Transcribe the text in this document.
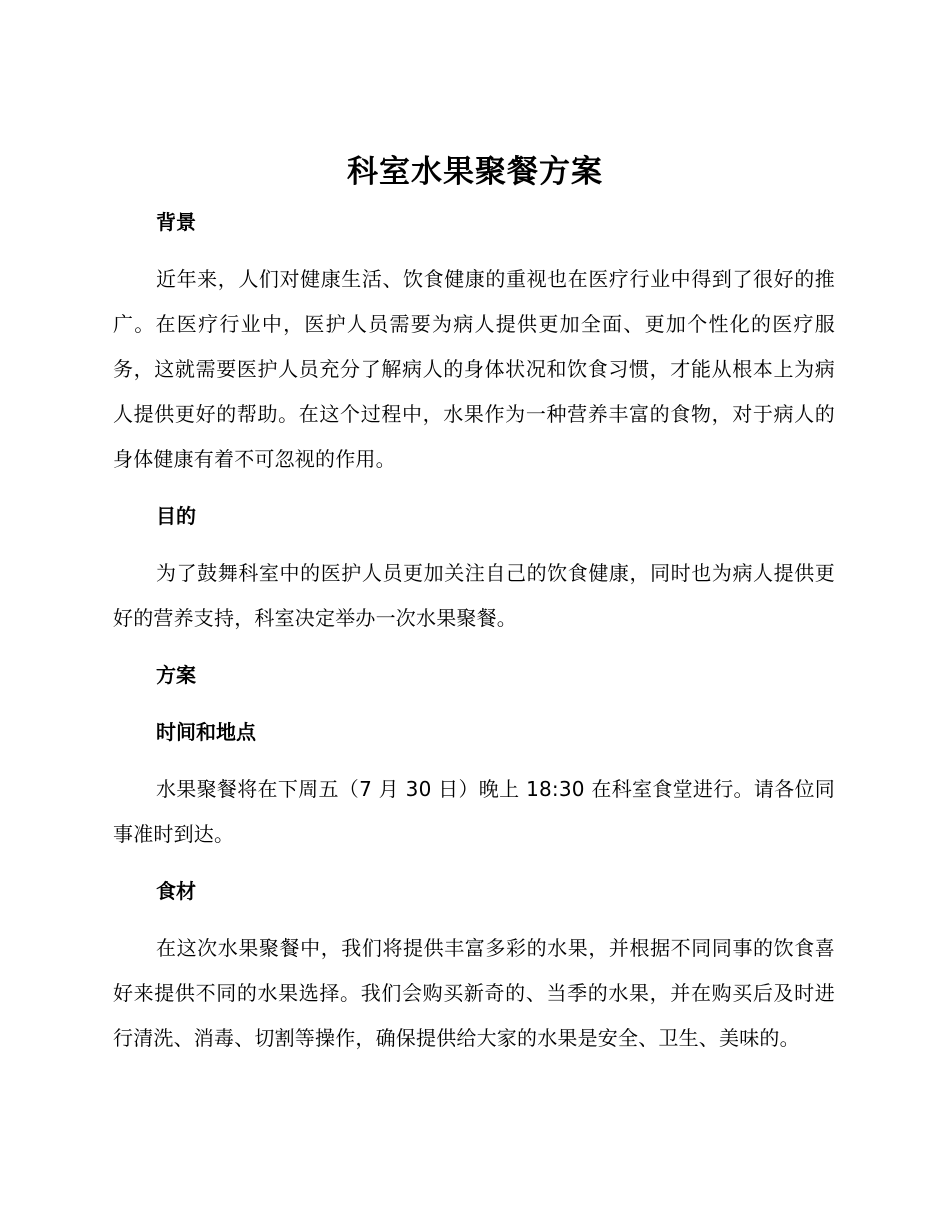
科室水果聚餐方案
背景

近年来，人们对健康生活、饮食健康的重视也在医疗行业中得到了很好的推广。在医疗行业中，医护人员需要为病人提供更加全面、更加个性化的医疗服务，这就需要医护人员充分了解病人的身体状况和饮食习惯，才能从根本上为病人提供更好的帮助。在这个过程中，水果作为一种营养丰富的食物，对于病人的身体健康有着不可忽视的作用。

目的

为了鼓舞科室中的医护人员更加关注自己的饮食健康，同时也为病人提供更好的营养支持，科室决定举办一次水果聚餐。

方案
时间和地点

水果聚餐将在下周五（7 月 30 日）晚上 18:30 在科室食堂进行。请各位同事准时到达。

食材

在这次水果聚餐中，我们将提供丰富多彩的水果，并根据不同同事的饮食喜好来提供不同的水果选择。我们会购买新奇的、当季的水果，并在购买后及时进行清洗、消毒、切割等操作，确保提供给大家的水果是安全、卫生、美味的。
